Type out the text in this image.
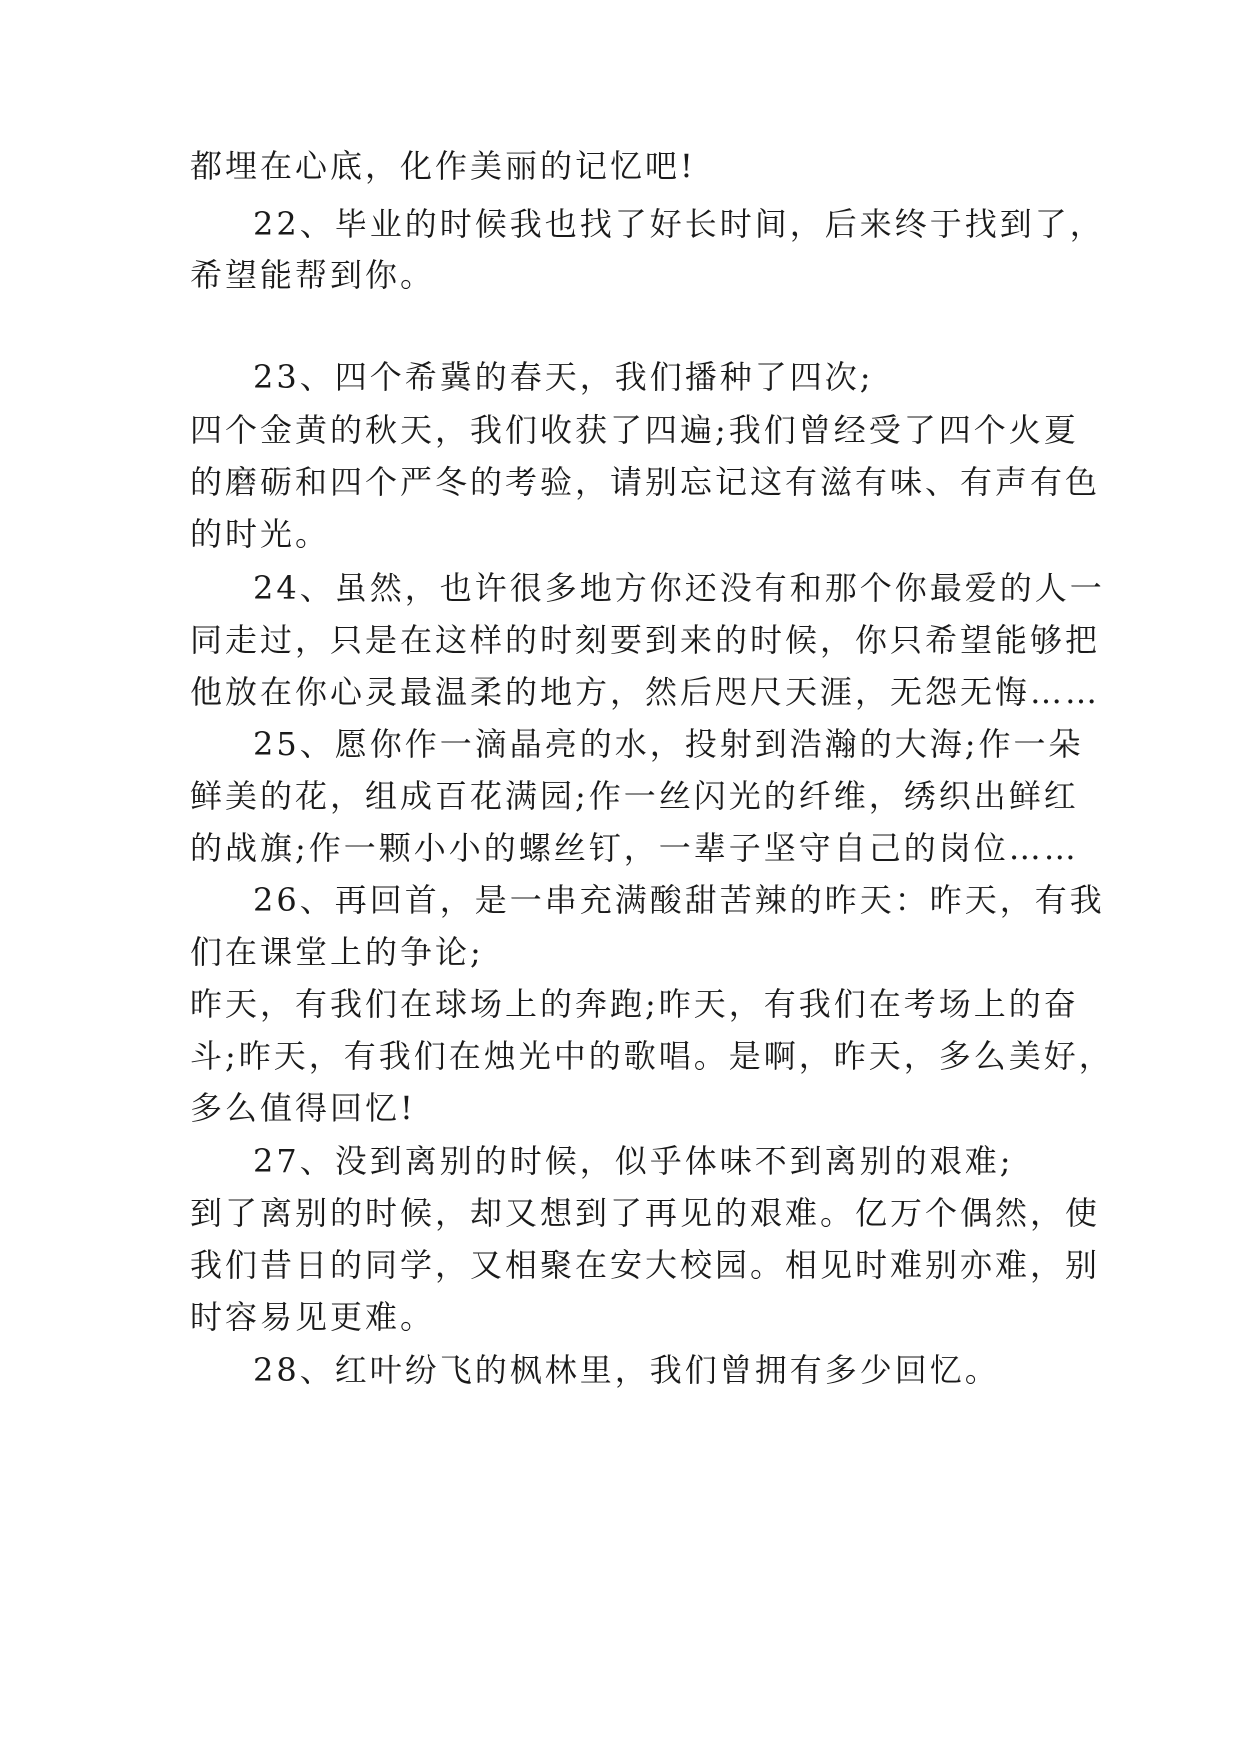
都埋在心底，化作美丽的记忆吧!
22、毕业的时候我也找了好长时间，后来终于找到了，
希望能帮到你。
23、四个希冀的春天，我们播种了四次;
四个金黄的秋天，我们收获了四遍;我们曾经受了四个火夏
的磨砺和四个严冬的考验，请别忘记这有滋有味、有声有色
的时光。
24、虽然，也许很多地方你还没有和那个你最爱的人一
同走过，只是在这样的时刻要到来的时候，你只希望能够把
他放在你心灵最温柔的地方，然后咫尺天涯，无怨无悔……
25、愿你作一滴晶亮的水，投射到浩瀚的大海;作一朵
鲜美的花，组成百花满园;作一丝闪光的纤维，绣织出鲜红
的战旗;作一颗小小的螺丝钉，一辈子坚守自己的岗位……
26、再回首，是一串充满酸甜苦辣的昨天：昨天，有我
们在课堂上的争论;
昨天，有我们在球场上的奔跑;昨天，有我们在考场上的奋
斗;昨天，有我们在烛光中的歌唱。是啊，昨天，多么美好，
多么值得回忆!
27、没到离别的时候，似乎体味不到离别的艰难;
到了离别的时候，却又想到了再见的艰难。亿万个偶然，使
我们昔日的同学，又相聚在安大校园。相见时难别亦难，别
时容易见更难。
28、红叶纷飞的枫林里，我们曾拥有多少回忆。
